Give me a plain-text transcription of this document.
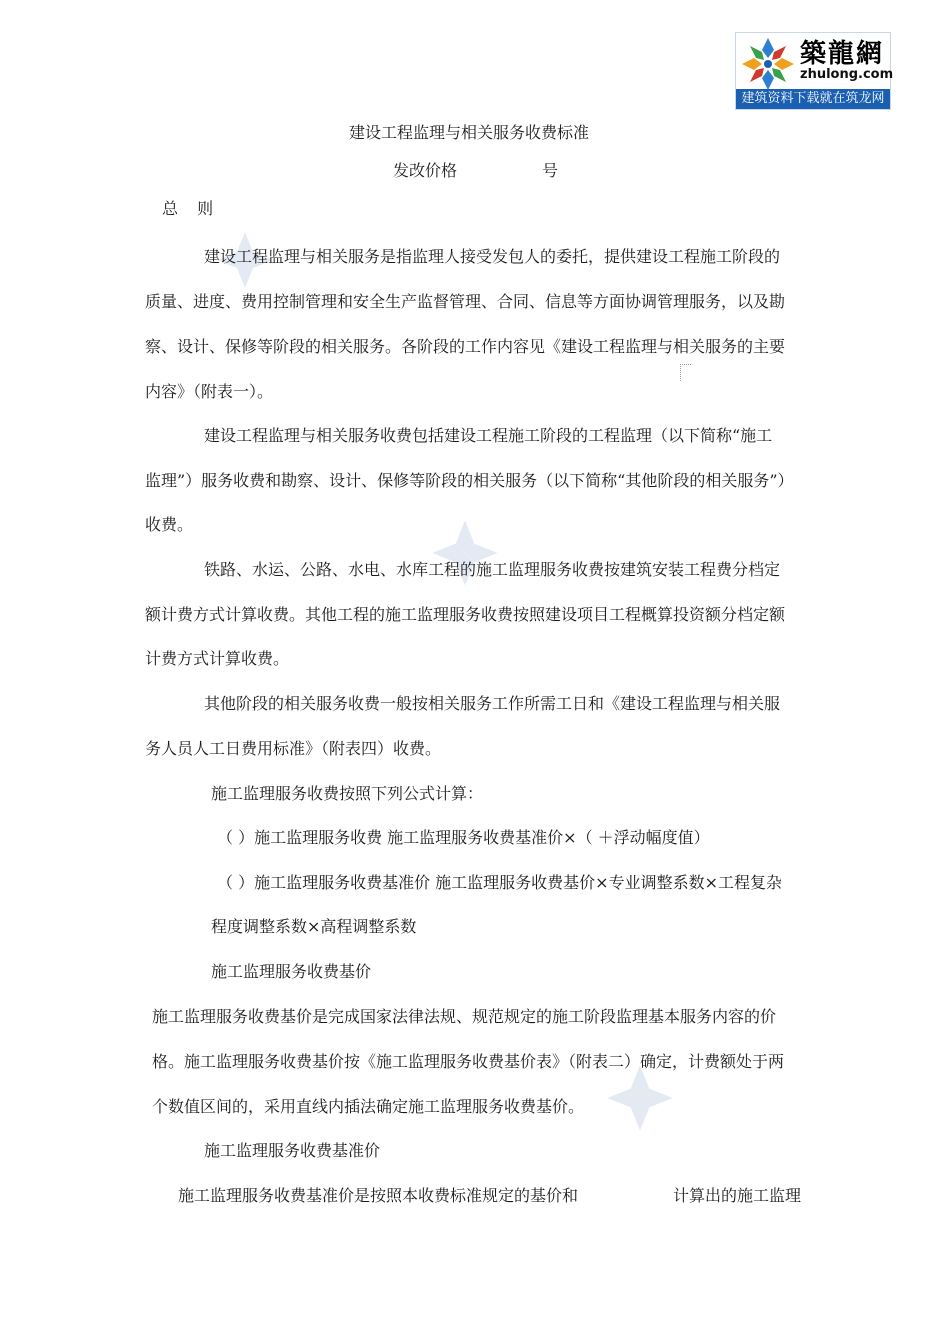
築龍網
zhulong.com
建筑资料下载就在筑龙网
建设工程监理与相关服务收费标准
发改价格	号
总 则
建设工程监理与相关服务是指监理人接受发包人的委托，提供建设工程施工阶段的
质量、进度、费用控制管理和安全生产监督管理、合同、信息等方面协调管理服务，以及勘
察、设计、保修等阶段的相关服务。各阶段的工作内容见《建设工程监理与相关服务的主要
内容》（附表一）。
建设工程监理与相关服务收费包括建设工程施工阶段的工程监理（以下简称“施工
监理”）服务收费和勘察、设计、保修等阶段的相关服务（以下简称“其他阶段的相关服务”）
收费。
铁路、水运、公路、水电、水库工程的施工监理服务收费按建筑安装工程费分档定
额计费方式计算收费。其他工程的施工监理服务收费按照建设项目工程概算投资额分档定额
计费方式计算收费。
其他阶段的相关服务收费一般按相关服务工作所需工日和《建设工程监理与相关服
务人员人工日费用标准》（附表四）收费。
施工监理服务收费按照下列公式计算：
（ ）施工监理服务收费 施工监理服务收费基准价×（ ＋浮动幅度值）
（ ）施工监理服务收费基准价 施工监理服务收费基价×专业调整系数×工程复杂
程度调整系数×高程调整系数
施工监理服务收费基价
施工监理服务收费基价是完成国家法律法规、规范规定的施工阶段监理基本服务内容的价
格。施工监理服务收费基价按《施工监理服务收费基价表》（附表二）确定，计费额处于两
个数值区间的，采用直线内插法确定施工监理服务收费基价。
施工监理服务收费基准价
施工监理服务收费基准价是按照本收费标准规定的基价和	计算出的施工监理
